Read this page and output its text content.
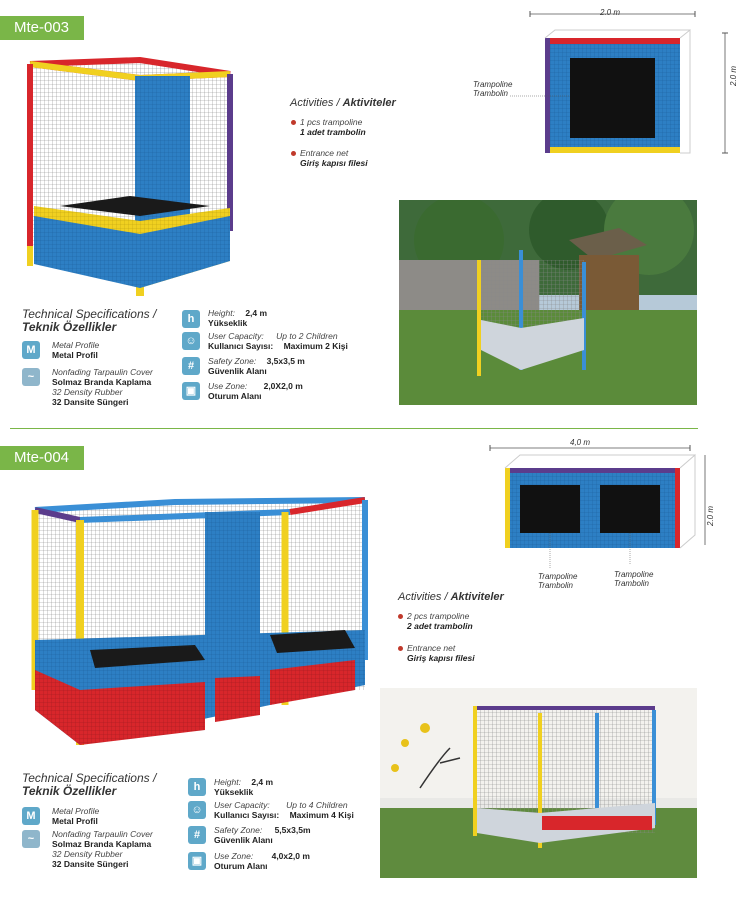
Mte-003
Activities / Aktiviteler
1 pcs trampoline
1 adet trambolin
Entrance net
Giriş kapısı filesi
2.0 m
2.0 m
Trampoline
Trambolin
Technical Specifications /
Teknik Özellikler
M	Metal Profile
Metal Profil
~	Nonfading Tarpaulin Cover
Solmaz Branda Kaplama
32 Density Rubber
32 Dansite Süngeri
h	Height: 2,4 m
Yükseklik
☺	User Capacity: Up to 2 Children
Kullanıcı Sayısı: Maximum 2 Kişi
#	Safety Zone: 3,5x3,5 m
Güvenlik Alanı
▣	Use Zone: 2,0X2,0 m
Oturum Alanı
Mte-004
4,0 m
2.0 m
Trampoline
Trambolin
Trampoline
Trambolin
Activities / Aktiviteler
2 pcs trampoline
2 adet trambolin
Entrance net
Giriş kapısı filesi
Technical Specifications /
Teknik Özellikler
M	Metal Profile
Metal Profil
~	Nonfading Tarpaulin Cover
Solmaz Branda Kaplama
32 Density Rubber
32 Dansite Süngeri
h	Height: 2,4 m
Yükseklik
☺	User Capacity: Up to 4 Children
Kullanıcı Sayısı: Maximum 4 Kişi
#	Safety Zone: 5,5x3,5m
Güvenlik Alanı
▣	Use Zone: 4,0x2,0 m
Oturum Alanı
